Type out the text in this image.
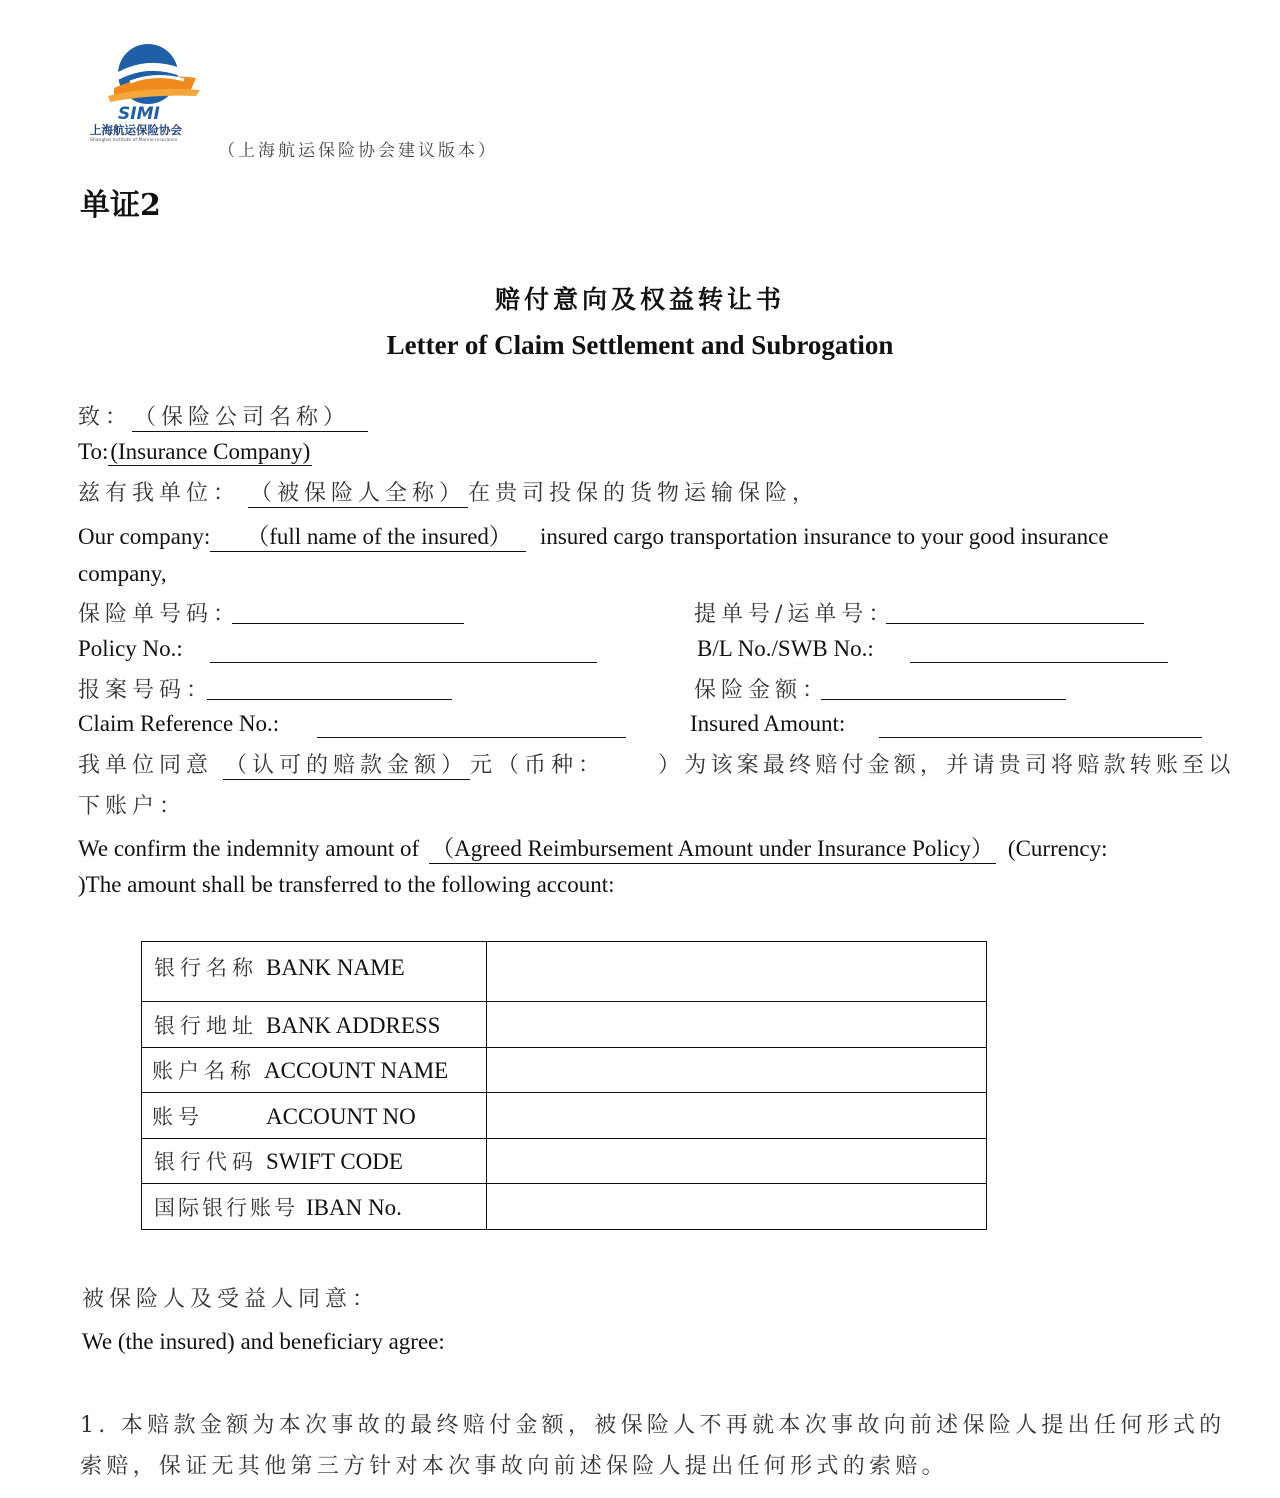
SIMI
上海航运保险协会
Shanghai Institute of Marine Insurance
（上海航运保险协会建议版本）
单证2
赔付意向及权益转让书
Letter of Claim Settlement and Subrogation
致：（保险公司名称）
To:(Insurance Company)
兹有我单位： （被保险人全称）在贵司投保的货物运输保险，
Our company: （full name of the insured） insured cargo transportation insurance to your good insurance
company,
保险单号码：	提单号/运单号：
Policy No.:	B/L No./SWB No.:
报案号码：	保险金额：
Claim Reference No.:	Insured Amount:
我单位同意 （认可的赔款金额）元（币种：	）为该案最终赔付金额，并请贵司将赔款转账至以
下账户：
We confirm the indemnity amount of （Agreed Reimbursement Amount under Insurance Policy） (Currency:
)The amount shall be transferred to the following account:
银行名称 BANK NAME	
银行地址 BANK ADDRESS	
账户名称 ACCOUNT NAME	
账号 ACCOUNT NO	
银行代码 SWIFT CODE	
国际银行账号 IBAN No.	
被保险人及受益人同意：
We (the insured) and beneficiary agree:
1. 本赔款金额为本次事故的最终赔付金额，被保险人不再就本次事故向前述保险人提出任何形式的
索赔，保证无其他第三方针对本次事故向前述保险人提出任何形式的索赔。
